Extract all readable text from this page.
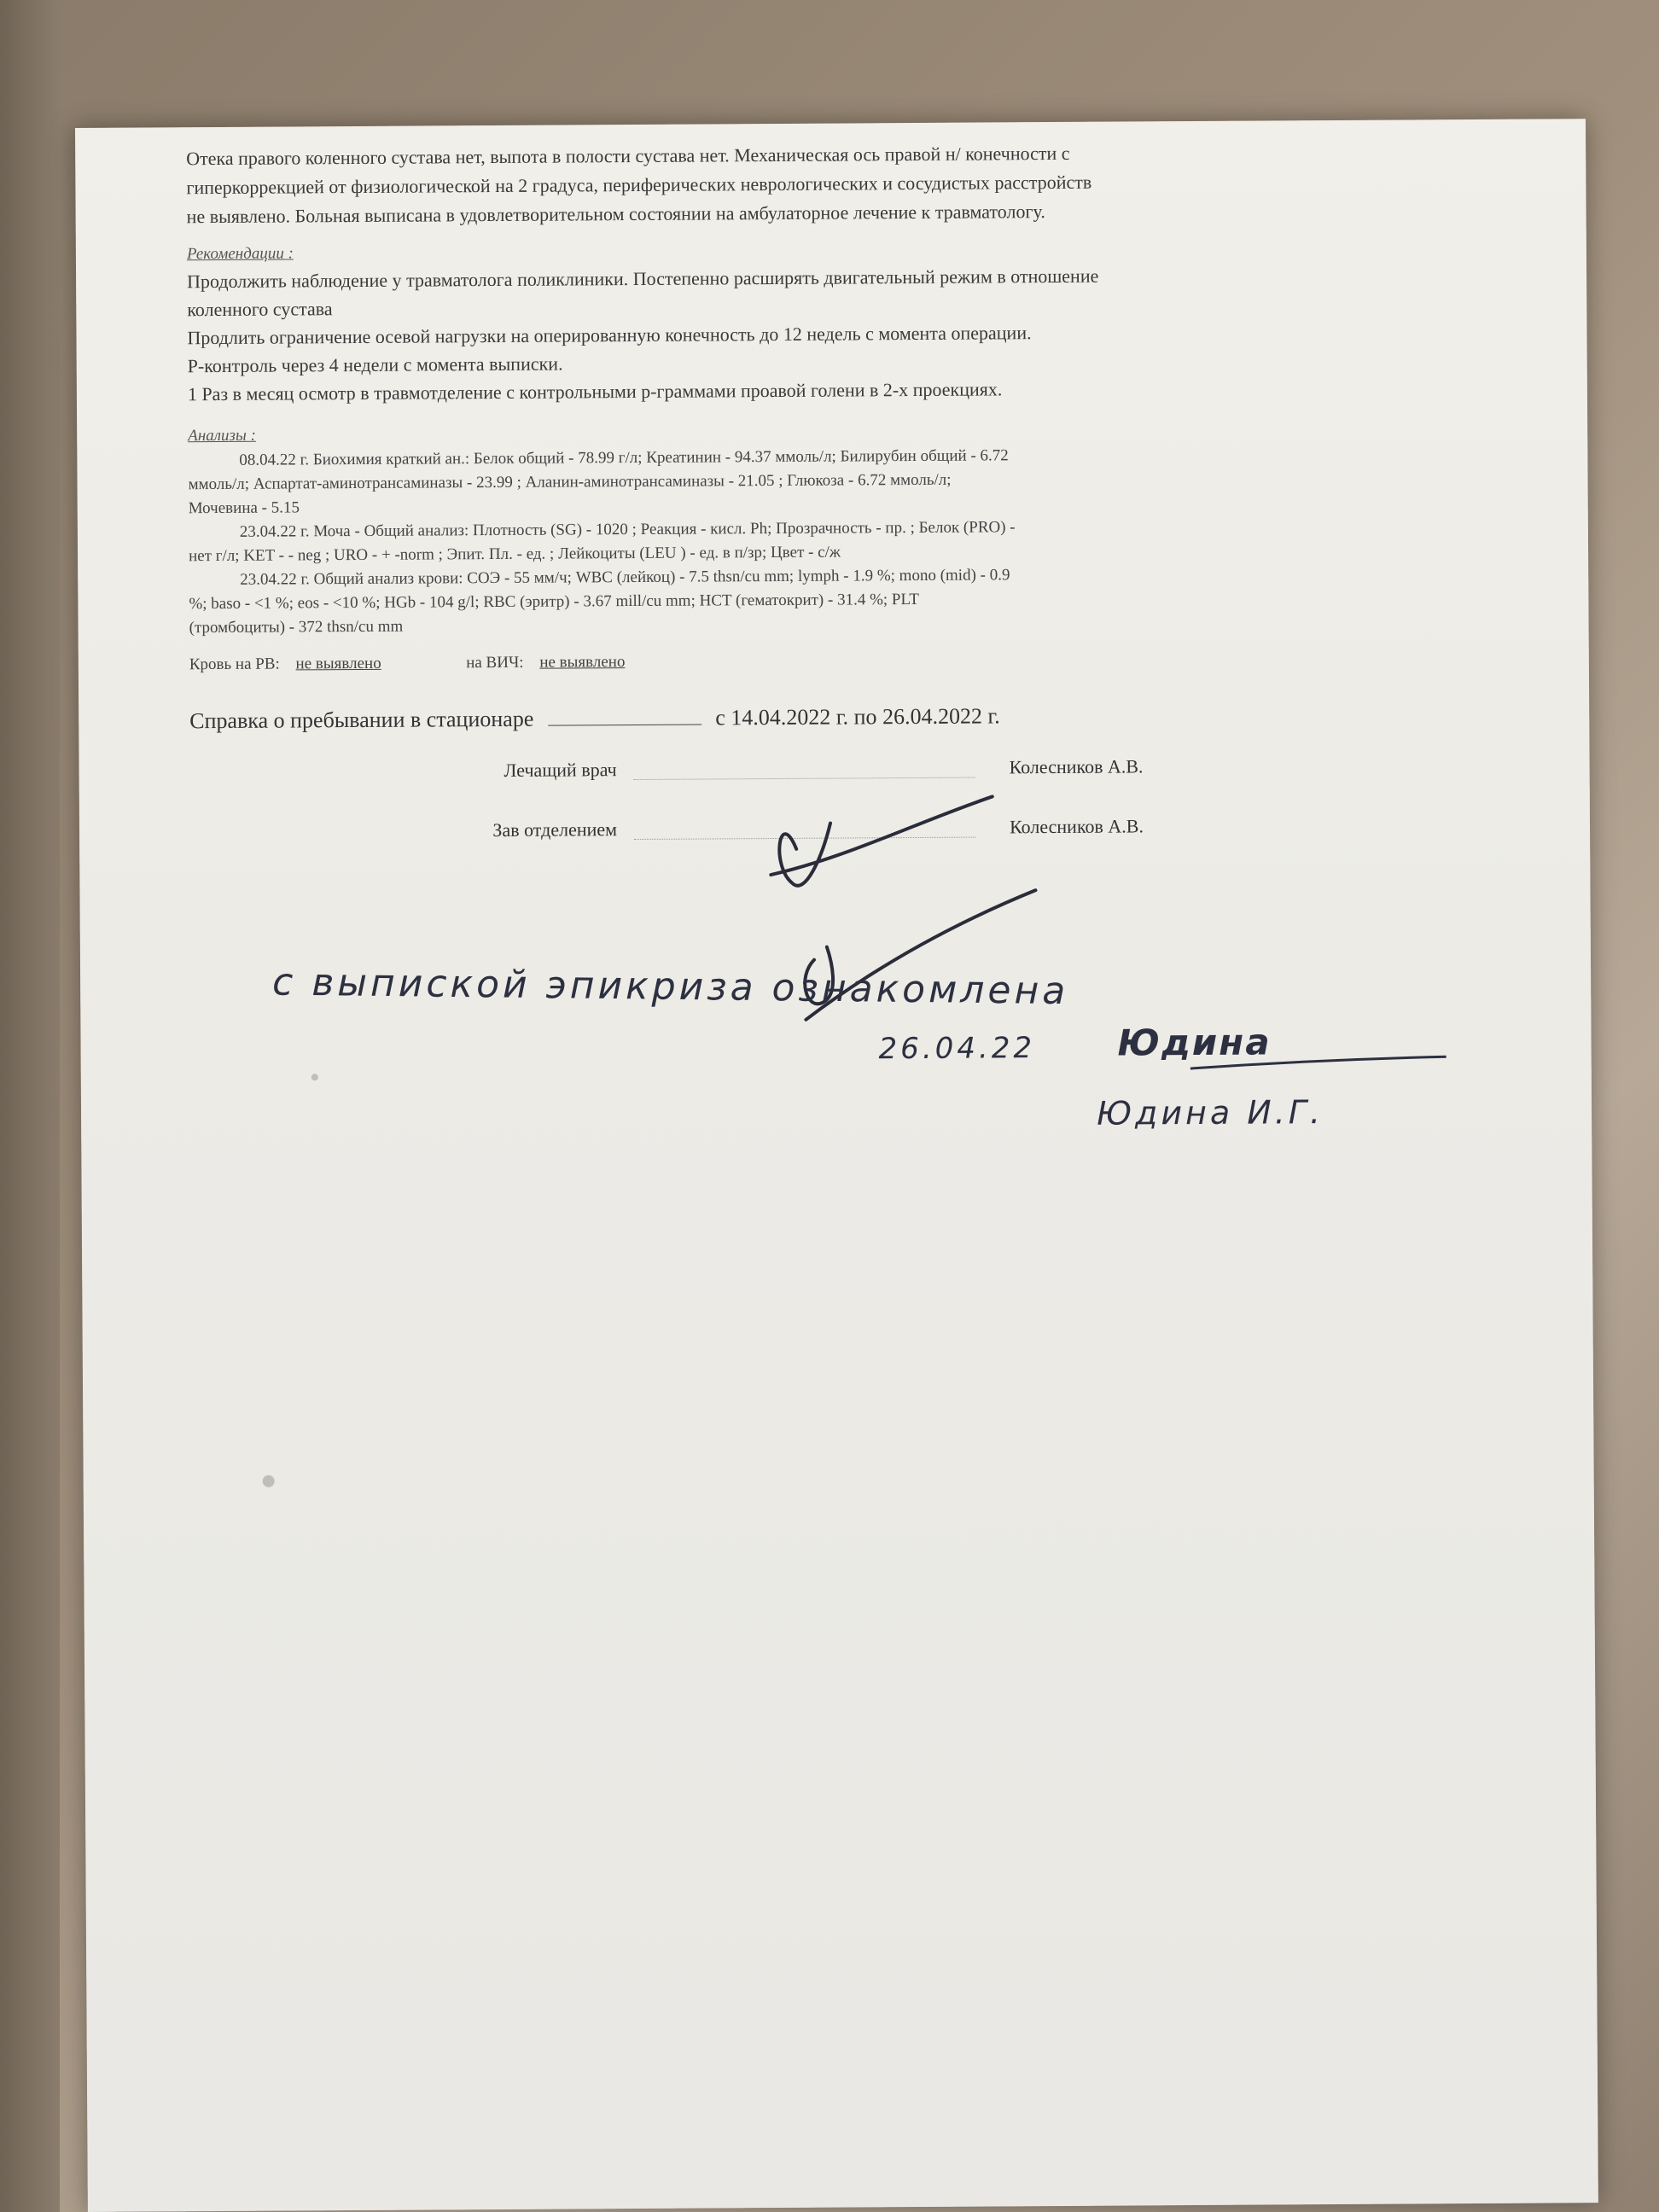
Отека правого коленного сустава нет, выпота в полости сустава нет. Механическая ось правой н/ конечности с

гиперкоррекцией от физиологической на 2 градуса, периферических неврологических и сосудистых расстройств

не выявлено. Больная выписана в удовлетворительном состоянии на амбулаторное лечение к травматологу.

Рекомендации :

Продолжить наблюдение у травматолога поликлиники. Постепенно расширять двигательный режим в отношение

коленного сустава

Продлить ограничение осевой нагрузки на оперированную конечность до 12 недель с момента операции.

Р-контроль через 4 недели с момента выписки.

1 Раз в месяц осмотр в травмотделение с контрольными р-граммами проавой голени в 2-х проекциях.

Анализы :

08.04.22 г. Биохимия краткий ан.: Белок общий - 78.99 г/л; Креатинин - 94.37 ммоль/л; Билирубин общий - 6.72

ммоль/л; Аспартат-аминотрансаминазы - 23.99 ; Аланин-аминотрансаминазы - 21.05 ; Глюкоза - 6.72 ммоль/л;

Мочевина - 5.15

23.04.22 г. Моча - Общий анализ: Плотность (SG) - 1020 ; Реакция - кисл. Ph; Прозрачность - пр. ; Белок (PRO) -

нет г/л; KET - - neg ; URO - + -norm ; Эпит. Пл. - ед. ; Лейкоциты (LEU ) - ед. в п/зр; Цвет - с/ж

23.04.22 г. Общий анализ крови: СОЭ - 55 мм/ч; WBC (лейкоц) - 7.5 thsn/cu mm; lymph - 1.9 %; mono (mid) - 0.9

%; baso - <1 %; eos - <10 %; HGb - 104 g/l; RBC (эритр) - 3.67 mill/cu mm; HCT (гематокрит) - 31.4 %; PLT

(тромбоциты) - 372 thsn/cu mm

Кровь на РВ: не выявлено	на ВИЧ: не выявлено
Справка о пребывании в стационаре	с 14.04.2022 г. по 26.04.2022 г.
Лечащий врач	Колесников А.В.
Зав отделением	Колесников А.В.
с выпиской эпикриза ознакомлена
26.04.22 Юдина
Юдина И.Г.
